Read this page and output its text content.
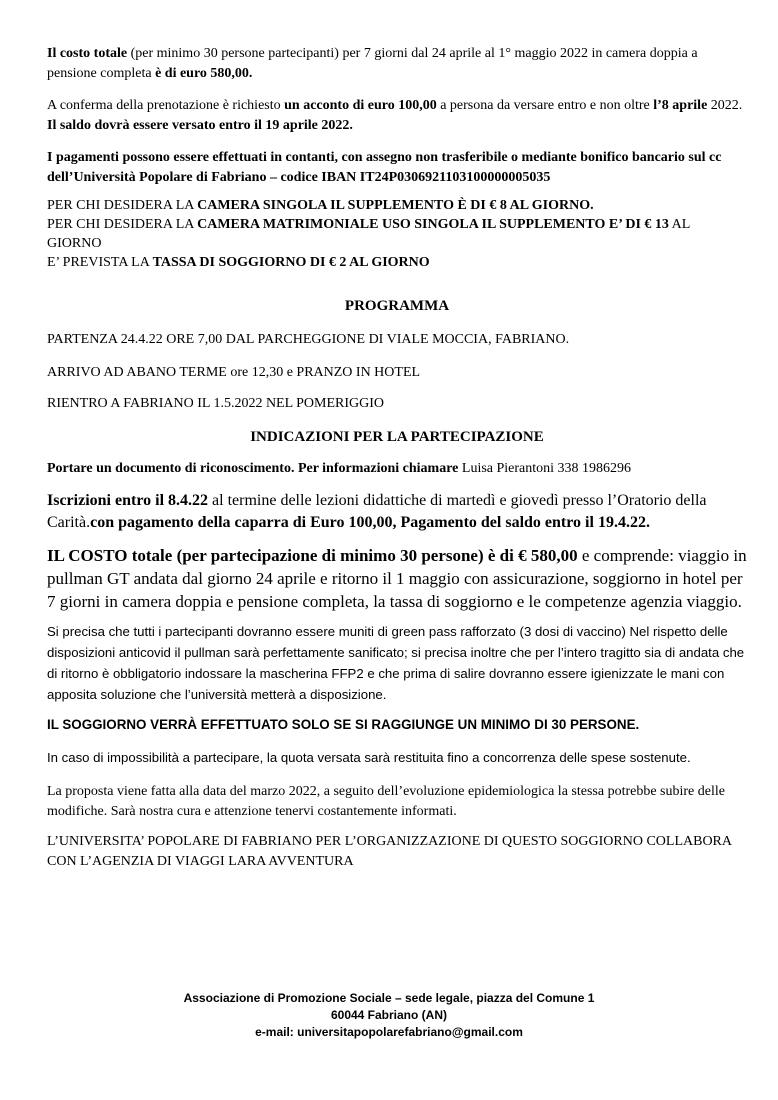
Il costo totale (per minimo 30 persone partecipanti) per 7 giorni dal 24 aprile al 1° maggio 2022 in camera doppia a pensione completa è di euro 580,00.

A conferma della prenotazione è richiesto un acconto di euro 100,00 a persona da versare entro e non oltre l’8 aprile 2022. Il saldo dovrà essere versato entro il 19 aprile 2022.

I pagamenti possono essere effettuati in contanti, con assegno non trasferibile o mediante bonifico bancario sul cc dell’Università Popolare di Fabriano – codice IBAN IT24P0306921103100000005035

PER CHI DESIDERA LA CAMERA SINGOLA IL SUPPLEMENTO È DI € 8 AL GIORNO.
PER CHI DESIDERA LA CAMERA MATRIMONIALE USO SINGOLA IL SUPPLEMENTO E’ DI € 13 AL GIORNO
E’ PREVISTA LA TASSA DI SOGGIORNO DI € 2 AL GIORNO
PROGRAMMA

PARTENZA 24.4.22 ORE 7,00 DAL PARCHEGGIONE DI VIALE MOCCIA, FABRIANO.

ARRIVO AD ABANO TERME ore 12,30 e PRANZO IN HOTEL

RIENTRO A FABRIANO IL 1.5.2022 NEL POMERIGGIO

INDICAZIONI PER LA PARTECIPAZIONE

Portare un documento di riconoscimento. Per informazioni chiamare Luisa Pierantoni 338 1986296

Iscrizioni entro il 8.4.22 al termine delle lezioni didattiche di martedì e giovedì presso l’Oratorio della Carità.con pagamento della caparra di Euro 100,00, Pagamento del saldo entro il 19.4.22.

IL COSTO totale (per partecipazione di minimo 30 persone) è di € 580,00 e comprende: viaggio in pullman GT andata dal giorno 24 aprile e ritorno il 1 maggio con assicurazione, soggiorno in hotel per 7 giorni in camera doppia e pensione completa, la tassa di soggiorno e le competenze agenzia viaggio.

Si precisa che tutti i partecipanti dovranno essere muniti di green pass rafforzato (3 dosi di vaccino) Nel rispetto delle disposizioni anticovid il pullman sarà perfettamente sanificato; si precisa inoltre che per l’intero tragitto sia di andata che di ritorno è obbligatorio indossare la mascherina FFP2 e che prima di salire dovranno essere igienizzate le mani con apposita soluzione che l’università metterà a disposizione.

IL SOGGIORNO VERRÀ EFFETTUATO SOLO SE SI RAGGIUNGE UN MINIMO DI 30 PERSONE.

In caso di impossibilità a partecipare, la quota versata sarà restituita fino a concorrenza delle spese sostenute.

La proposta viene fatta alla data del marzo 2022, a seguito dell’evoluzione epidemiologica la stessa potrebbe subire delle modifiche. Sarà nostra cura e attenzione tenervi costantemente informati.

L’UNIVERSITA’ POPOLARE DI FABRIANO PER L’ORGANIZZAZIONE DI QUESTO SOGGIORNO COLLABORA CON L’AGENZIA DI VIAGGI LARA AVVENTURA

Associazione di Promozione Sociale – sede legale, piazza del Comune 1
60044 Fabriano (AN)
e-mail: universitapopolarefabriano@gmail.com
